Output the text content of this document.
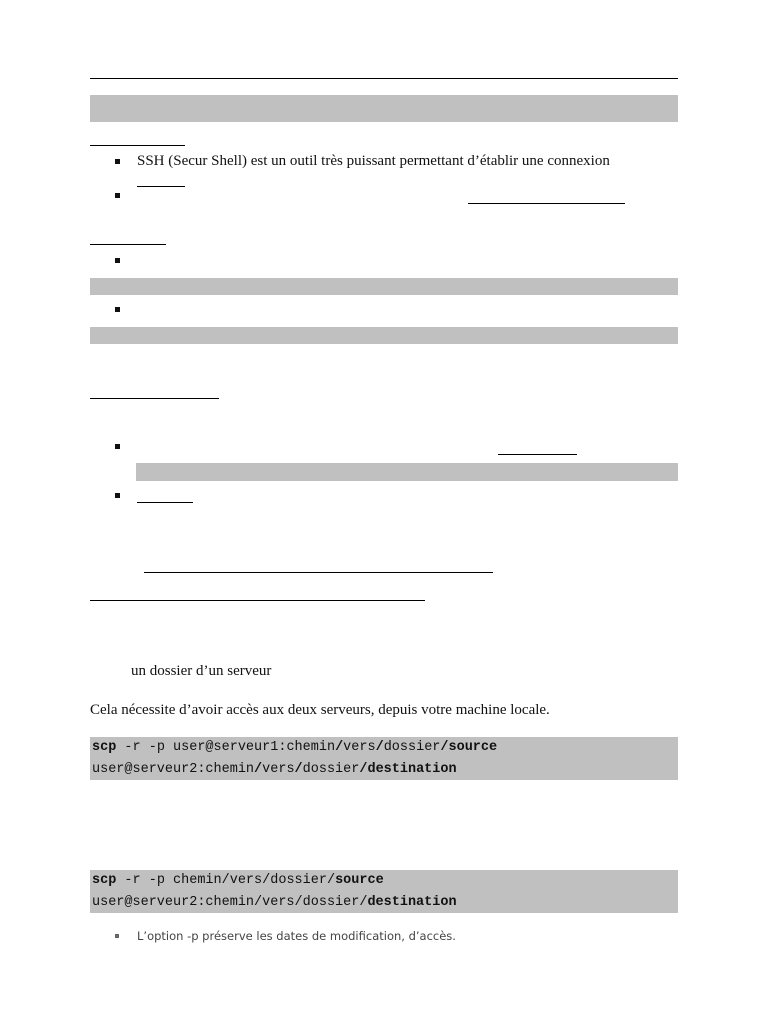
SSH (Secur Shell) est un outil très puissant permettant d’établir une connexion
un dossier d’un serveur
Cela nécessite d’avoir accès aux deux serveurs, depuis votre machine locale.
scp -r -p user@serveur1:chemin/vers/dossier/source
user@serveur2:chemin/vers/dossier/destination
scp -r -p chemin/vers/dossier/source
user@serveur2:chemin/vers/dossier/destination
L’option -p préserve les dates de modification, d’accès.
